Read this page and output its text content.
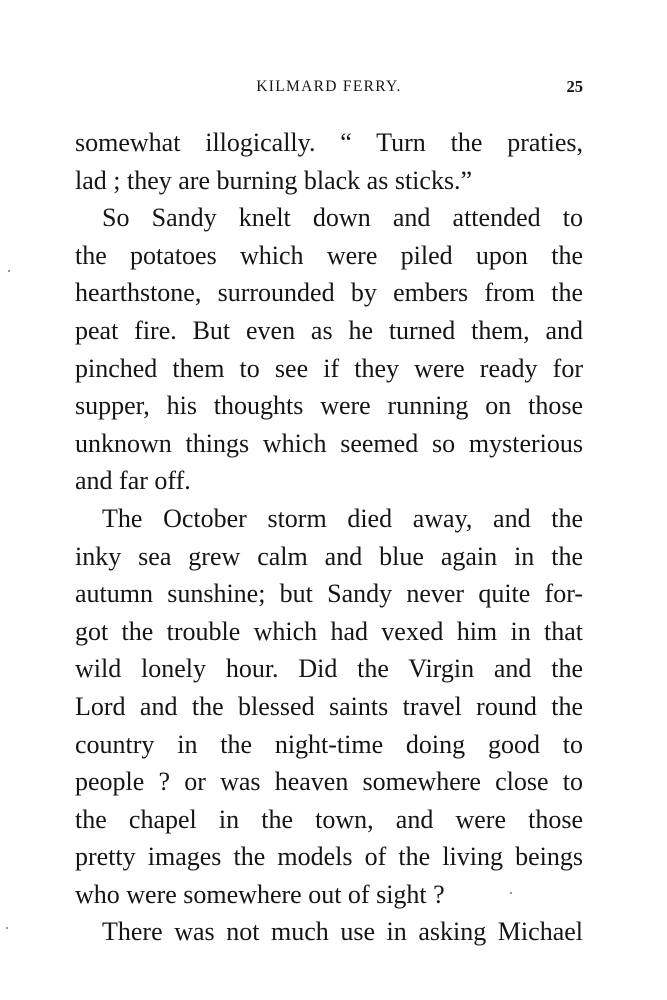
KILMARD FERRY.	25
somewhat illogically. “ Turn the praties,
lad ; they are burning black as sticks.”
So Sandy knelt down and attended to
the potatoes which were piled upon the
hearthstone, surrounded by embers from the
peat fire. But even as he turned them, and
pinched them to see if they were ready for
supper, his thoughts were running on those
unknown things which seemed so mysterious
and far off.
The October storm died away, and the
inky sea grew calm and blue again in the
autumn sunshine; but Sandy never quite for-
got the trouble which had vexed him in that
wild lonely hour. Did the Virgin and the
Lord and the blessed saints travel round the
country in the night-time doing good to
people ? or was heaven somewhere close to
the chapel in the town, and were those
pretty images the models of the living beings
who were somewhere out of sight ?
There was not much use in asking Michael
